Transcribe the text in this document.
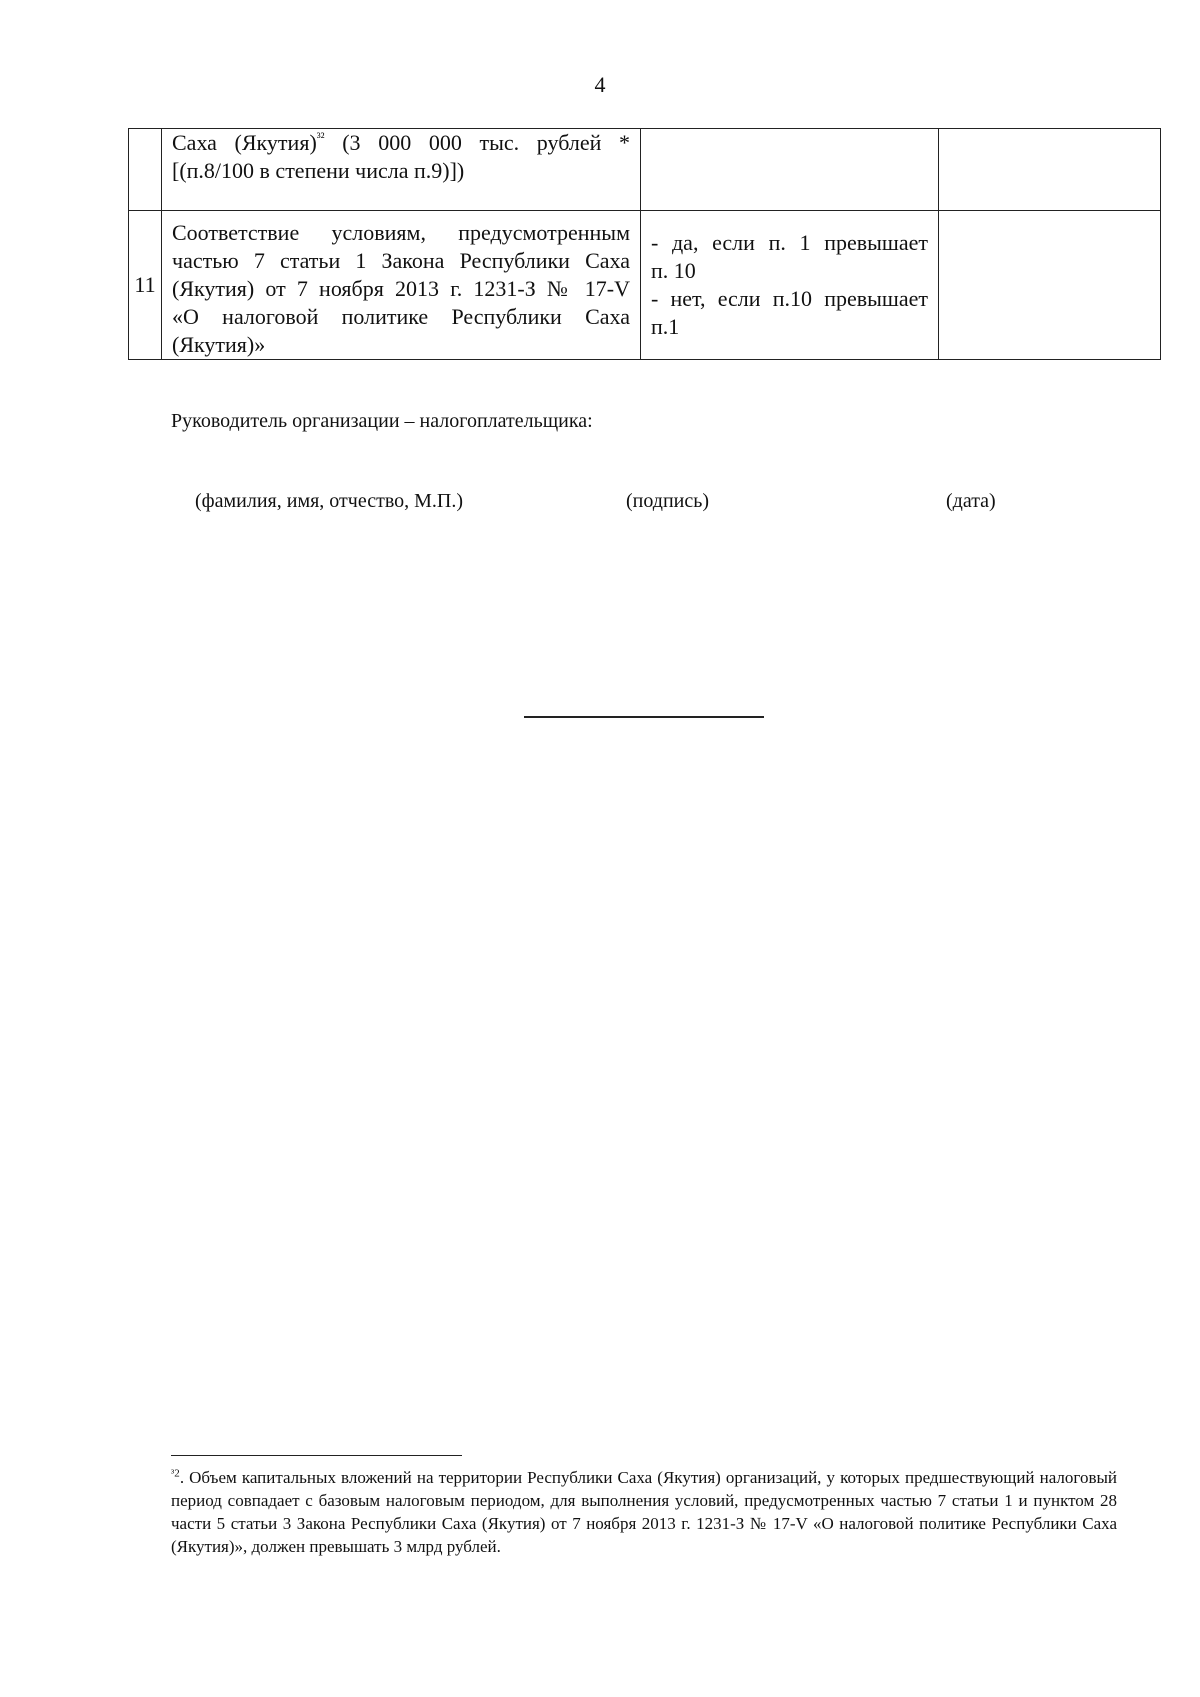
4

	Саха (Якутия)$^{^{32}}$ (3 000 000 тыс. рублей *
[(п.8/100 в степени числа п.9)])		

11	Соответствие условиям, предусмотренным
частью 7 статьи 1 Закона Республики Саха
(Якутия) от 7 ноября 2013 г. 1231-З № 17-V
«О налоговой политике Республики Саха
(Якутия)»	- да, если п. 1 превышает
п. 10
- нет, если п.10 превышает
п.1	

Руководитель организации – налогоплательщика:
(фамилия, имя, отчество, М.П.)	(подпись)	(дата)
$^{^32}$. Объем капитальных вложений на территории Республики Саха (Якутия) организаций, у которых предшествующий налоговый период совпадает с базовым налоговым периодом, для выполнения условий, предусмотренных частью 7 статьи 1 и пунктом 28 части 5 статьи 3 Закона Республики Саха (Якутия) от 7 ноября 2013 г. 1231-З № 17-V «О налоговой политике Республики Саха (Якутия)», должен превышать 3 млрд рублей.
